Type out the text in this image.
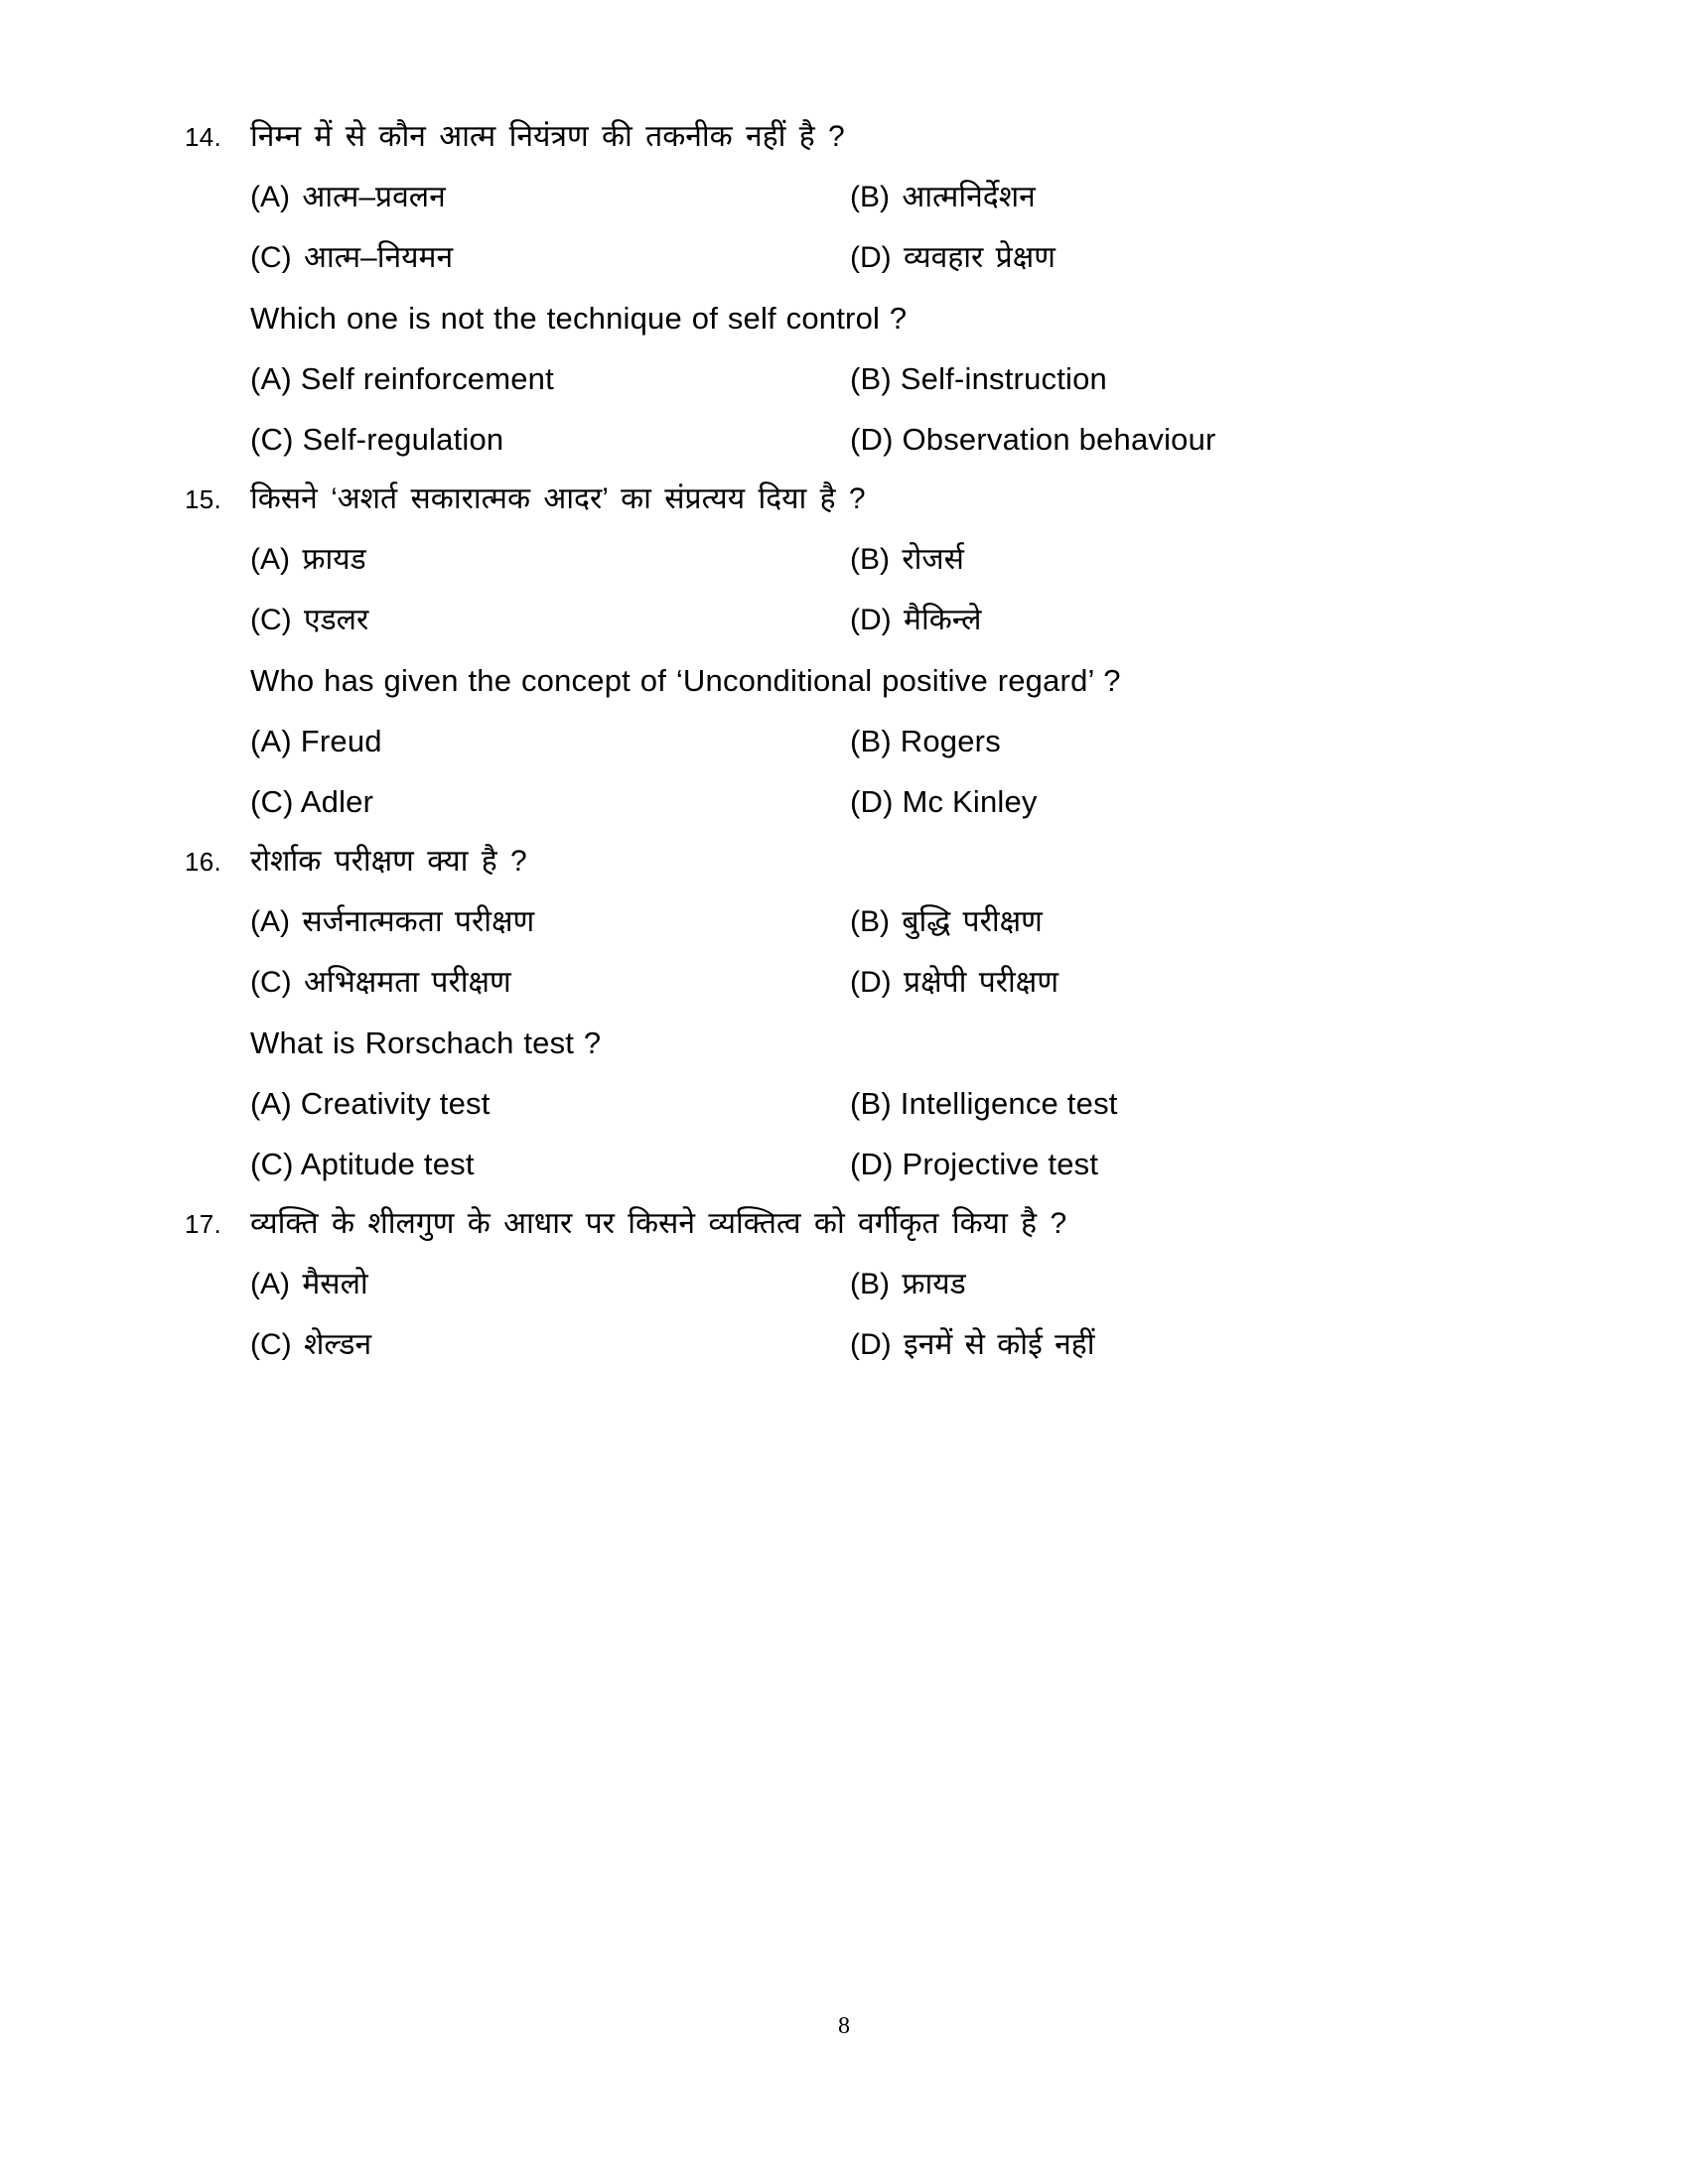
14. निम्न में से कौन आत्म नियंत्रण की तकनीक नहीं है ?
(A) आत्म–प्रवलन	(B) आत्मनिर्देशन
(C) आत्म–नियमन	(D) व्यवहार प्रेक्षण
Which one is not the technique of self control ?
(A) Self reinforcement	(B) Self-instruction
(C) Self-regulation	(D) Observation behaviour
15. किसने ‘अशर्त सकारात्मक आदर’ का संप्रत्यय दिया है ?
(A) फ्रायड	(B) रोजर्स
(C) एडलर	(D) मैकिन्ले
Who has given the concept of ‘Unconditional positive regard’ ?
(A) Freud	(B) Rogers
(C) Adler	(D) Mc Kinley
16. रोर्शाक परीक्षण क्या है ?
(A) सर्जनात्मकता परीक्षण	(B) बुद्धि परीक्षण
(C) अभिक्षमता परीक्षण	(D) प्रक्षेपी परीक्षण
What is Rorschach test ?
(A) Creativity test	(B) Intelligence test
(C) Aptitude test	(D) Projective test
17. व्यक्ति के शीलगुण के आधार पर किसने व्यक्तित्व को वर्गीकृत किया है ?
(A) मैसलो	(B) फ्रायड
(C) शेल्डन	(D) इनमें से कोई नहीं
8
